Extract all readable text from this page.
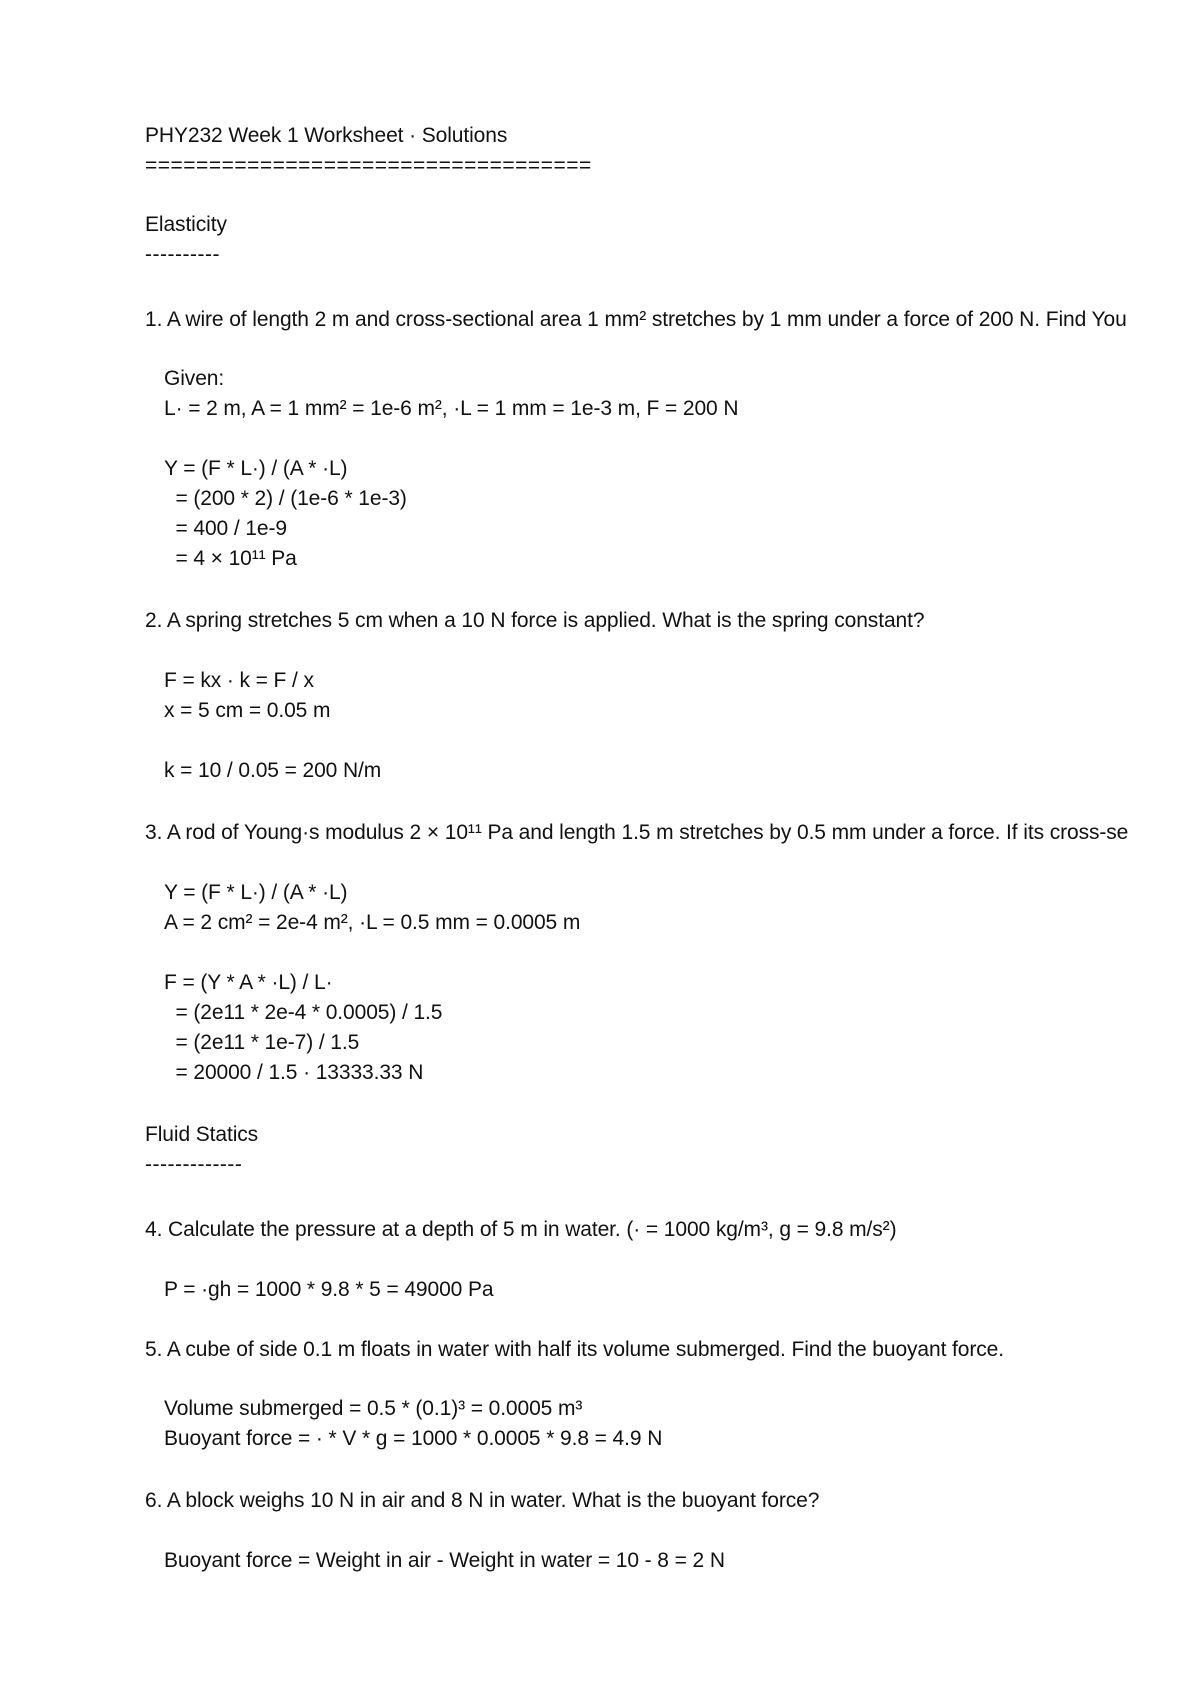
PHY232 Week 1 Worksheet · Solutions
===================================
Elasticity
----------
1. A wire of length 2 m and cross-sectional area 1 mm² stretches by 1 mm under a force of 200 N. Find You
Given:
L· = 2 m, A = 1 mm² = 1e-6 m², ·L = 1 mm = 1e-3 m, F = 200 N
Y = (F * L·) / (A * ·L)
= (200 * 2) / (1e-6 * 1e-3)
= 400 / 1e-9
= 4 × 10¹¹ Pa
2. A spring stretches 5 cm when a 10 N force is applied. What is the spring constant?
F = kx · k = F / x
x = 5 cm = 0.05 m
k = 10 / 0.05 = 200 N/m
3. A rod of Young·s modulus 2 × 10¹¹ Pa and length 1.5 m stretches by 0.5 mm under a force. If its cross-se
Y = (F * L·) / (A * ·L)
A = 2 cm² = 2e-4 m², ·L = 0.5 mm = 0.0005 m
F = (Y * A * ·L) / L·
= (2e11 * 2e-4 * 0.0005) / 1.5
= (2e11 * 1e-7) / 1.5
= 20000 / 1.5 · 13333.33 N
Fluid Statics
-------------
4. Calculate the pressure at a depth of 5 m in water. (· = 1000 kg/m³, g = 9.8 m/s²)
P = ·gh = 1000 * 9.8 * 5 = 49000 Pa
5. A cube of side 0.1 m floats in water with half its volume submerged. Find the buoyant force.
Volume submerged = 0.5 * (0.1)³ = 0.0005 m³
Buoyant force = · * V * g = 1000 * 0.0005 * 9.8 = 4.9 N
6. A block weighs 10 N in air and 8 N in water. What is the buoyant force?
Buoyant force = Weight in air - Weight in water = 10 - 8 = 2 N
